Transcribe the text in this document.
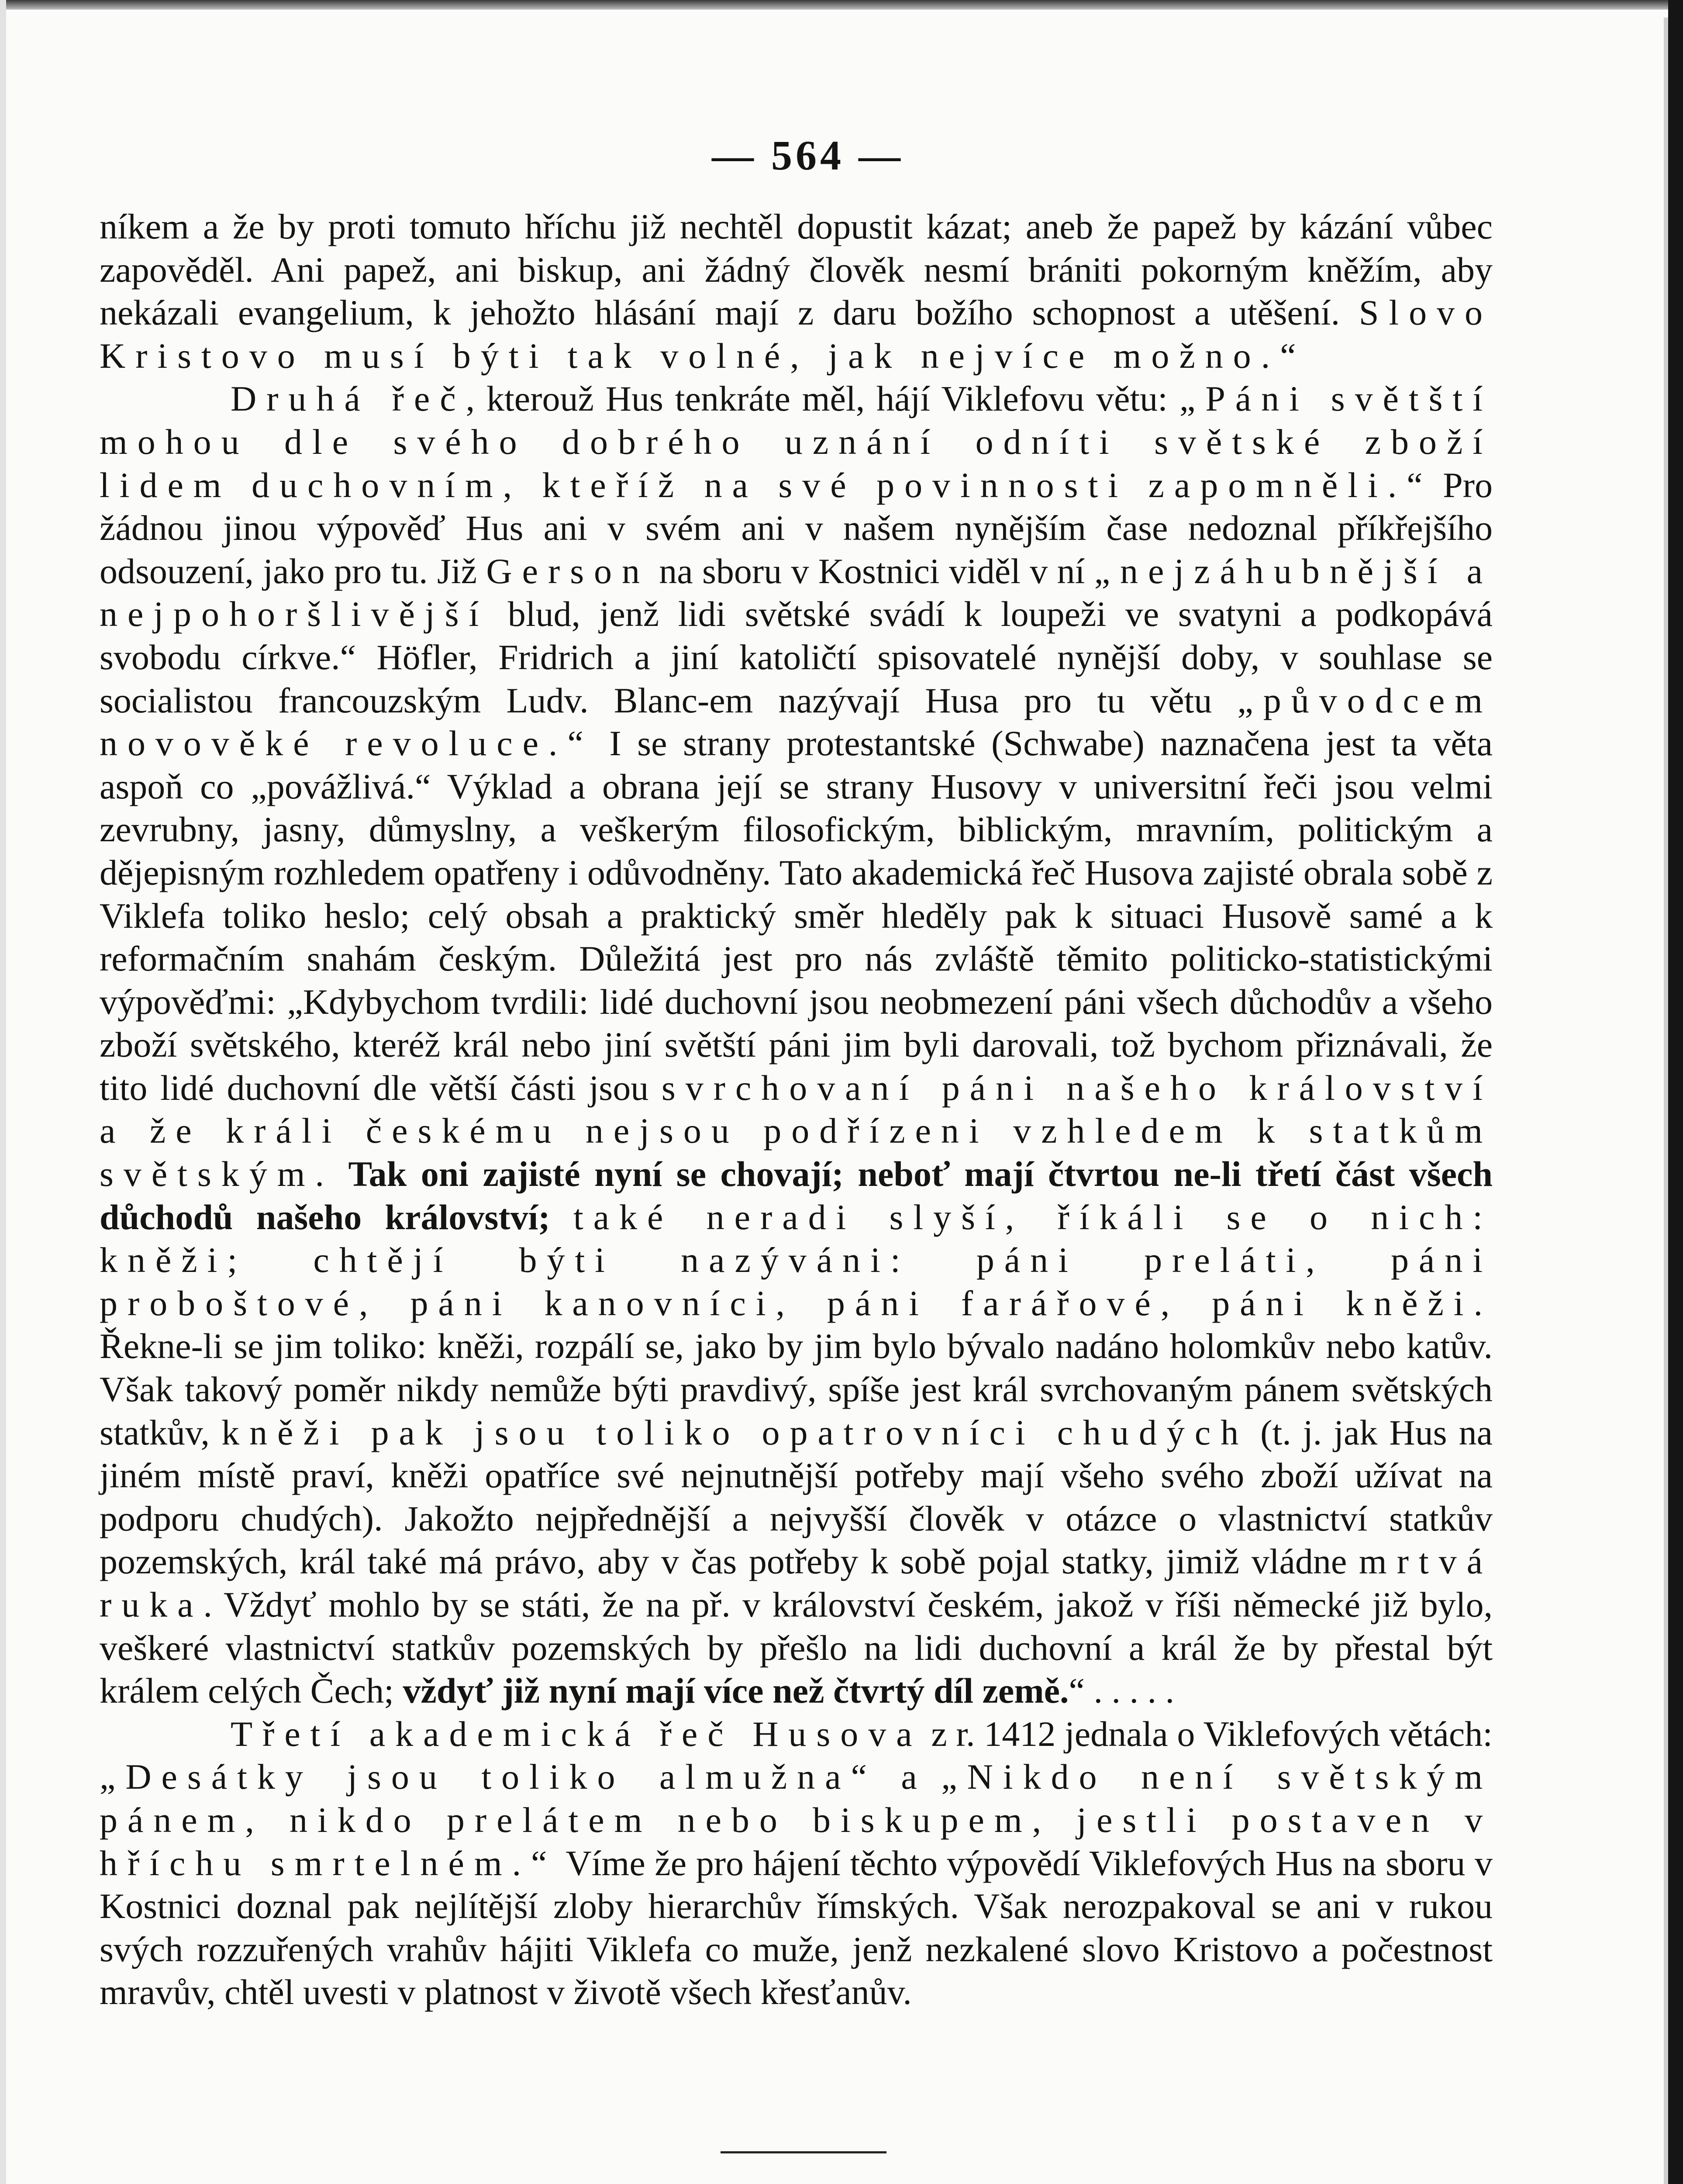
— 564 —

níkem a že by proti tomuto hříchu již nechtěl dopustit kázat; aneb že papež by kázání vůbec zapověděl. Ani papež, ani biskup, ani žádný člověk nesmí brániti pokorným kněžím, aby nekázali evangelium, k jehožto hlásání mají z daru božího schopnost a utěšení. Slovo Kristovo musí býti tak volné, jak nejvíce možno.“

Druhá řeč, kterouž Hus tenkráte měl, hájí Viklefovu větu: „Páni světští mohou dle svého dobrého uznání odníti světské zboží lidem duchovním, kteříž na své povinnosti zapomněli.“ Pro žádnou jinou výpověď Hus ani v svém ani v našem nynějším čase nedoznal příkřejšího odsouzení, jako pro tu. Již Gerson na sboru v Kostnici viděl v ní „nejzáhubnější a nejpohoršlivější blud, jenž lidi světské svádí k loupeži ve svatyni a podkopává svobodu církve.“ Höfler, Fridrich a jiní katoličtí spisovatelé nynější doby, v souhlase se socialistou francouzským Ludv. Blanc-em nazývají Husa pro tu větu „původcem novověké revoluce.“ I se strany protestantské (Schwabe) naznačena jest ta věta aspoň co „povážlivá.“ Výklad a obrana její se strany Husovy v universitní řeči jsou velmi zevrubny, jasny, důmyslny, a veškerým filosofickým, biblickým, mravním, politickým a dějepisným rozhledem opatřeny i odůvodněny. Tato akademická řeč Husova zajisté obrala sobě z Viklefa toliko heslo; celý obsah a praktický směr hleděly pak k situaci Husově samé a k reformačním snahám českým. Důležitá jest pro nás zvláště těmito politicko-statistickými výpověďmi: „Kdybychom tvrdili: lidé duchovní jsou neobmezení páni všech důchodův a všeho zboží světského, kteréž král nebo jiní světští páni jim byli darovali, tož bychom přiznávali, že tito lidé duchovní dle větší části jsou svrchovaní páni našeho království a že králi českému nejsou podřízeni vzhledem k statkům světským. Tak oni zajisté nyní se chovají; neboť mají čtvrtou ne-li třetí část všech důchodů našeho království; také neradi slyší, říkáli se o nich: kněži; chtějí býti nazýváni: páni preláti, páni proboštové, páni kanovníci, páni farářové, páni kněži. Řekne-li se jim toliko: kněži, rozpálí se, jako by jim bylo bývalo nadáno holomkův nebo katův. Však takový poměr nikdy nemůže býti pravdivý, spíše jest král svrchovaným pánem světských statkův, kněži pak jsou toliko opatrovníci chudých (t. j. jak Hus na jiném místě praví, kněži opatříce své nejnutnější potřeby mají všeho svého zboží užívat na podporu chudých). Jakožto nejpřednější a nejvyšší člověk v otázce o vlastnictví statkův pozemských, král také má právo, aby v čas potřeby k sobě pojal statky, jimiž vládne mrtvá ruka. Vždyť mohlo by se státi, že na př. v království českém, jakož v říši německé již bylo, veškeré vlastnictví statkův pozemských by přešlo na lidi duchovní a král že by přestal být králem celých Čech; vždyť již nyní mají více než čtvrtý díl země.“ . . . . .

Třetí akademická řeč Husova z r. 1412 jednala o Viklefových větách: „Desátky jsou toliko almužna“ a „Nikdo není světským pánem, nikdo prelátem nebo biskupem, jestli postaven v hříchu smrtelném.“ Víme že pro hájení těchto výpovědí Viklefových Hus na sboru v Kostnici doznal pak nejlítější zloby hierarchův římských. Však nerozpakoval se ani v rukou svých rozzuřených vrahův hájiti Viklefa co muže, jenž nezkalené slovo Kristovo a počestnost mravův, chtěl uvesti v platnost v životě všech křesťanův.
